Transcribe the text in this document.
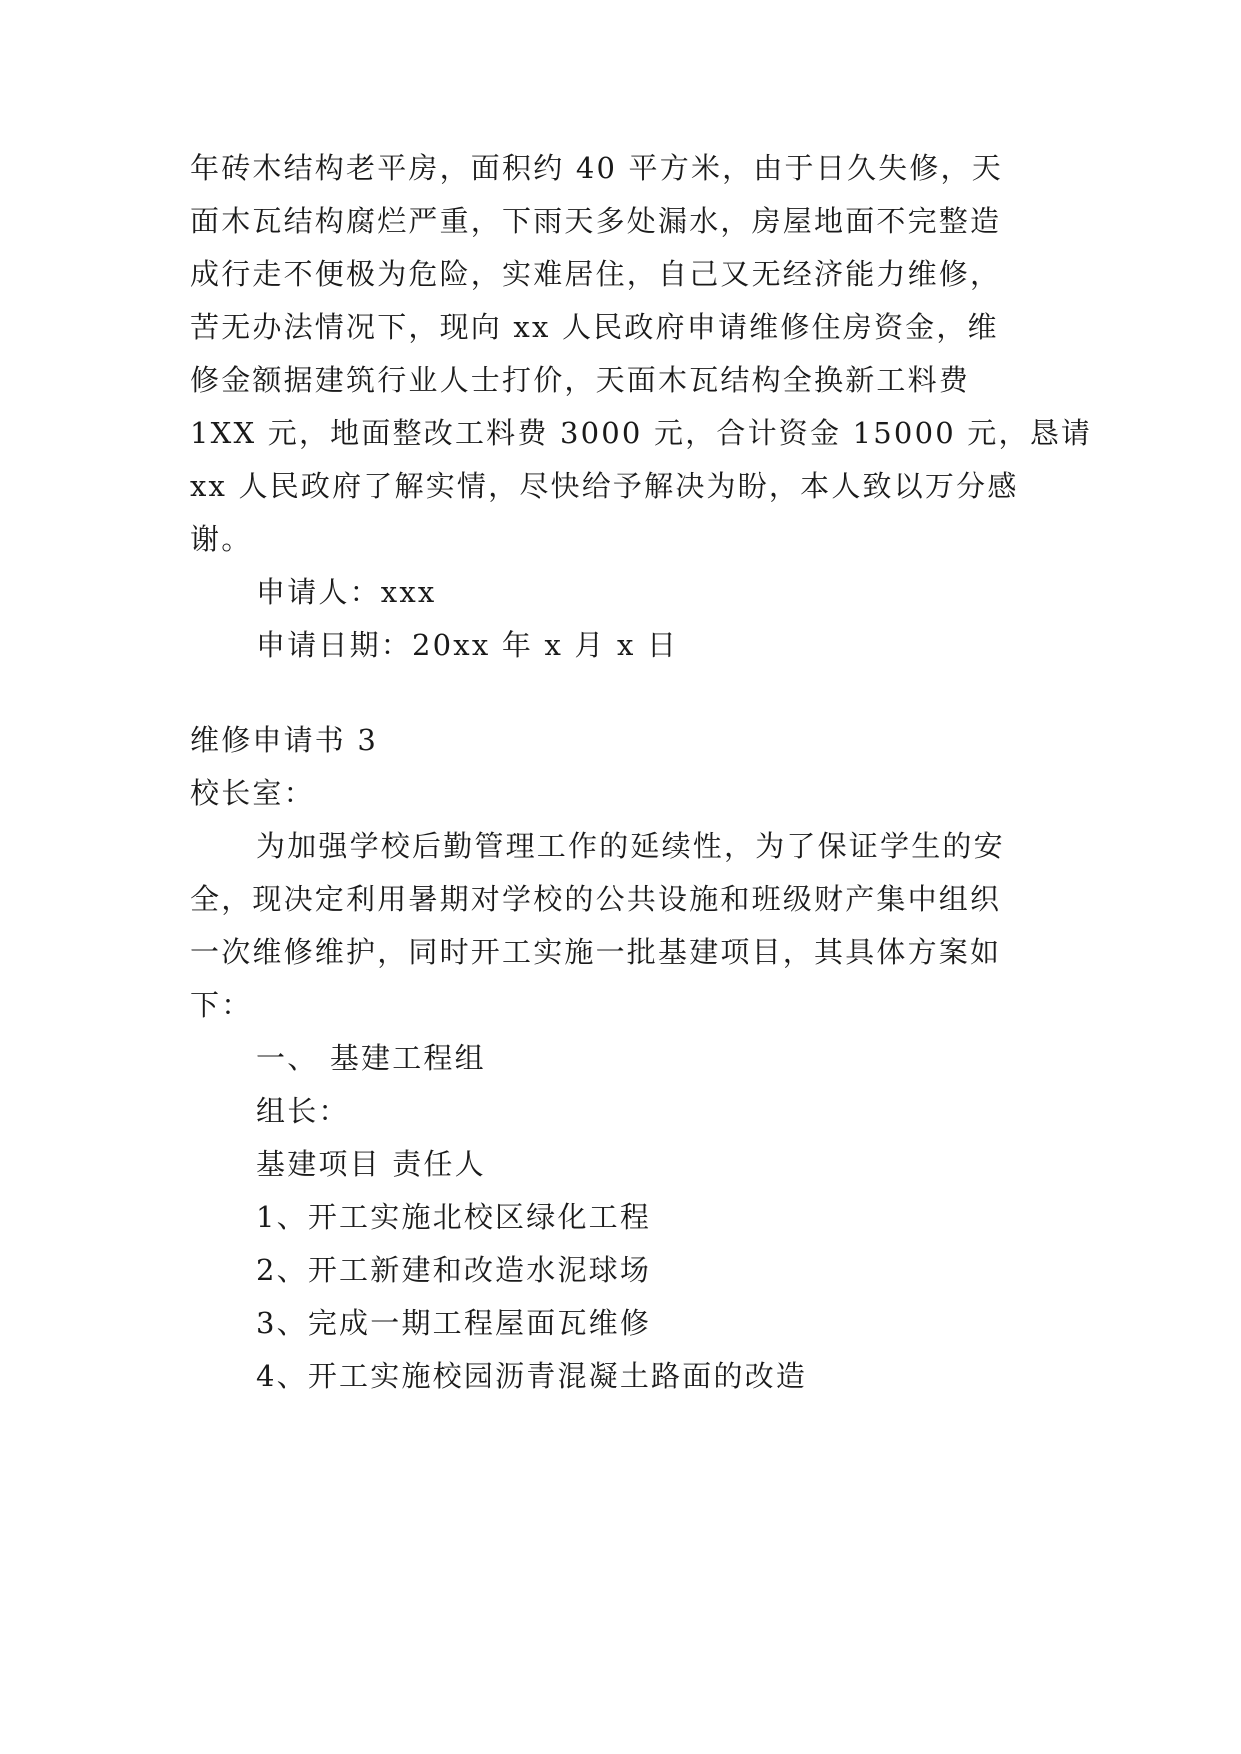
年砖木结构老平房，面积约 40 平方米，由于日久失修，天

面木瓦结构腐烂严重，下雨天多处漏水，房屋地面不完整造

成行走不便极为危险，实难居住，自己又无经济能力维修，

苦无办法情况下，现向 xx 人民政府申请维修住房资金，维

修金额据建筑行业人士打价，天面木瓦结构全换新工料费

1XX 元，地面整改工料费 3000 元，合计资金 15000 元，恳请

xx 人民政府了解实情，尽快给予解决为盼，本人致以万分感

谢。

申请人：xxx

申请日期：20xx 年 x 月 x 日

维修申请书 3

校长室：

为加强学校后勤管理工作的延续性，为了保证学生的安

全，现决定利用暑期对学校的公共设施和班级财产集中组织

一次维修维护，同时开工实施一批基建项目，其具体方案如

下：

一、 基建工程组

组长：

基建项目 责任人

1、开工实施北校区绿化工程

2、开工新建和改造水泥球场

3、完成一期工程屋面瓦维修

4、开工实施校园沥青混凝土路面的改造
